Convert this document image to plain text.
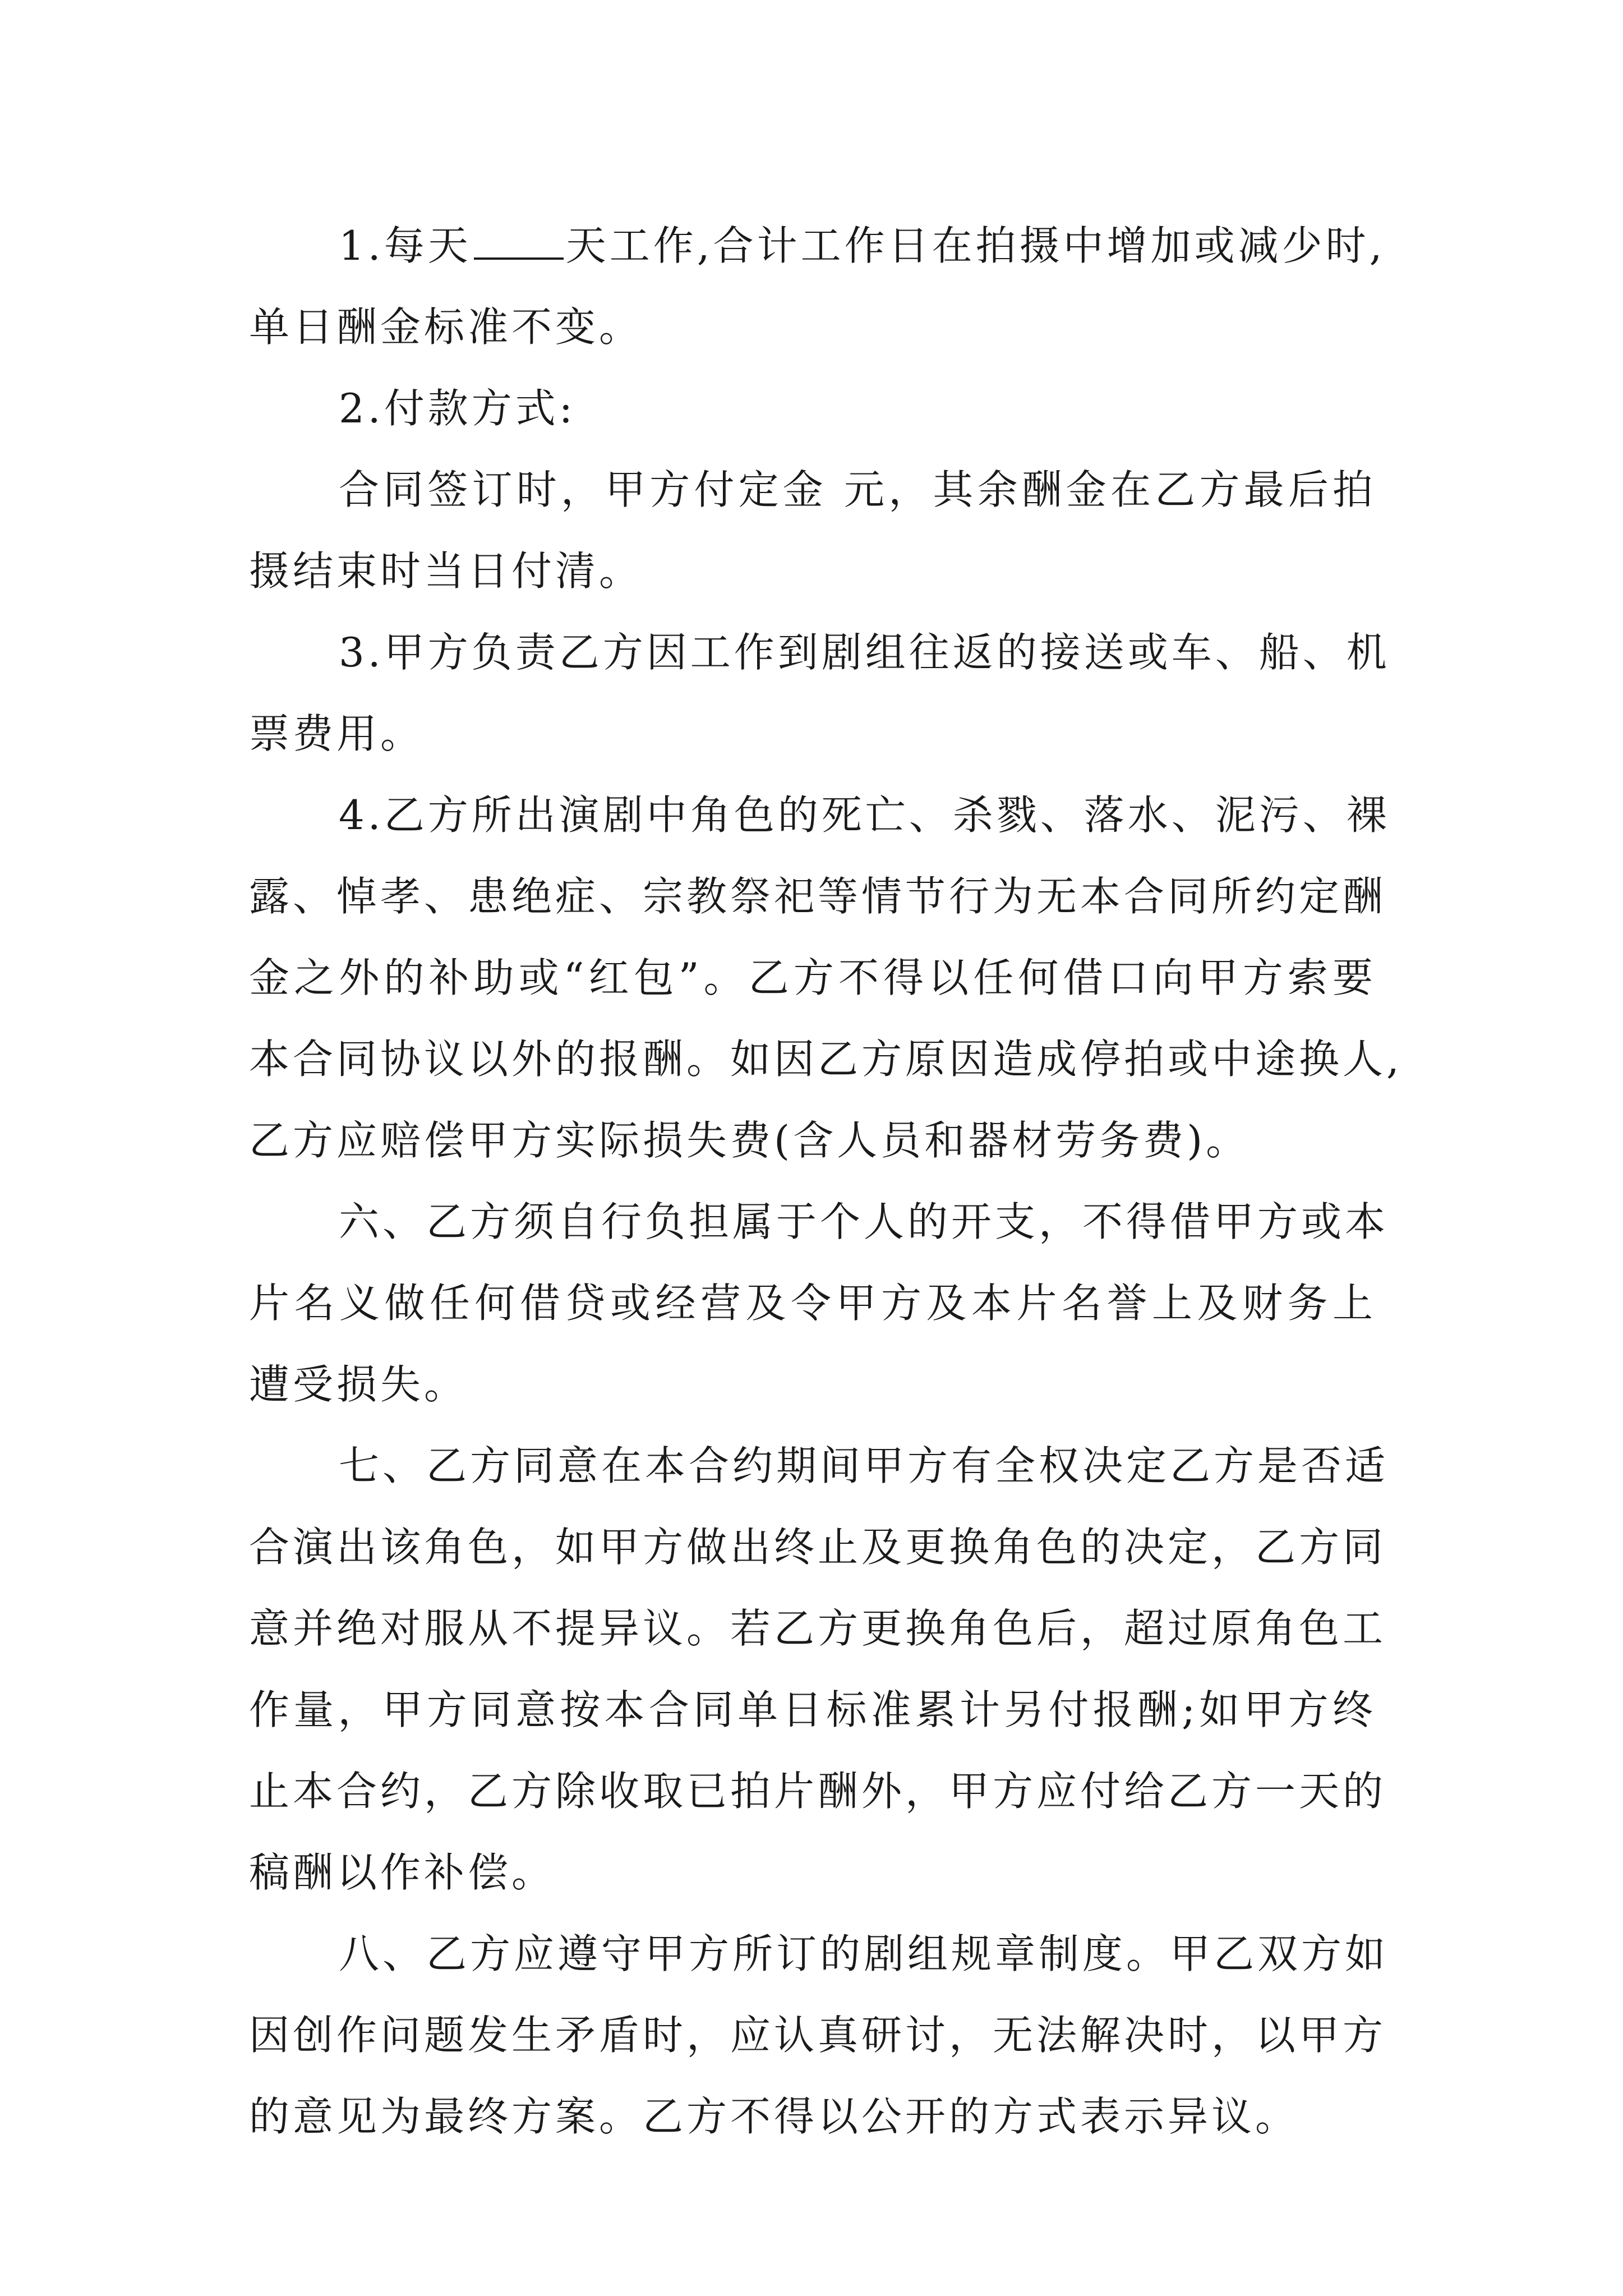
1.每天 天工作,合计工作日在拍摄中增加或减少时,
单日酬金标准不变。
2.付款方式:
合同签订时，甲方付定金 元，其余酬金在乙方最后拍
摄结束时当日付清。
3.甲方负责乙方因工作到剧组往返的接送或车、船、机
票费用。
4.乙方所出演剧中角色的死亡、杀戮、落水、泥污、裸
露、悼孝、患绝症、宗教祭祀等情节行为无本合同所约定酬
金之外的补助或“红包”。乙方不得以任何借口向甲方索要
本合同协议以外的报酬。如因乙方原因造成停拍或中途换人,
乙方应赔偿甲方实际损失费(含人员和器材劳务费)。
六、乙方须自行负担属于个人的开支，不得借甲方或本
片名义做任何借贷或经营及令甲方及本片名誉上及财务上
遭受损失。
七、乙方同意在本合约期间甲方有全权决定乙方是否适
合演出该角色，如甲方做出终止及更换角色的决定，乙方同
意并绝对服从不提异议。若乙方更换角色后，超过原角色工
作量，甲方同意按本合同单日标准累计另付报酬;如甲方终
止本合约，乙方除收取已拍片酬外，甲方应付给乙方一天的
稿酬以作补偿。
八、乙方应遵守甲方所订的剧组规章制度。甲乙双方如
因创作问题发生矛盾时，应认真研讨，无法解决时，以甲方
的意见为最终方案。乙方不得以公开的方式表示异议。
